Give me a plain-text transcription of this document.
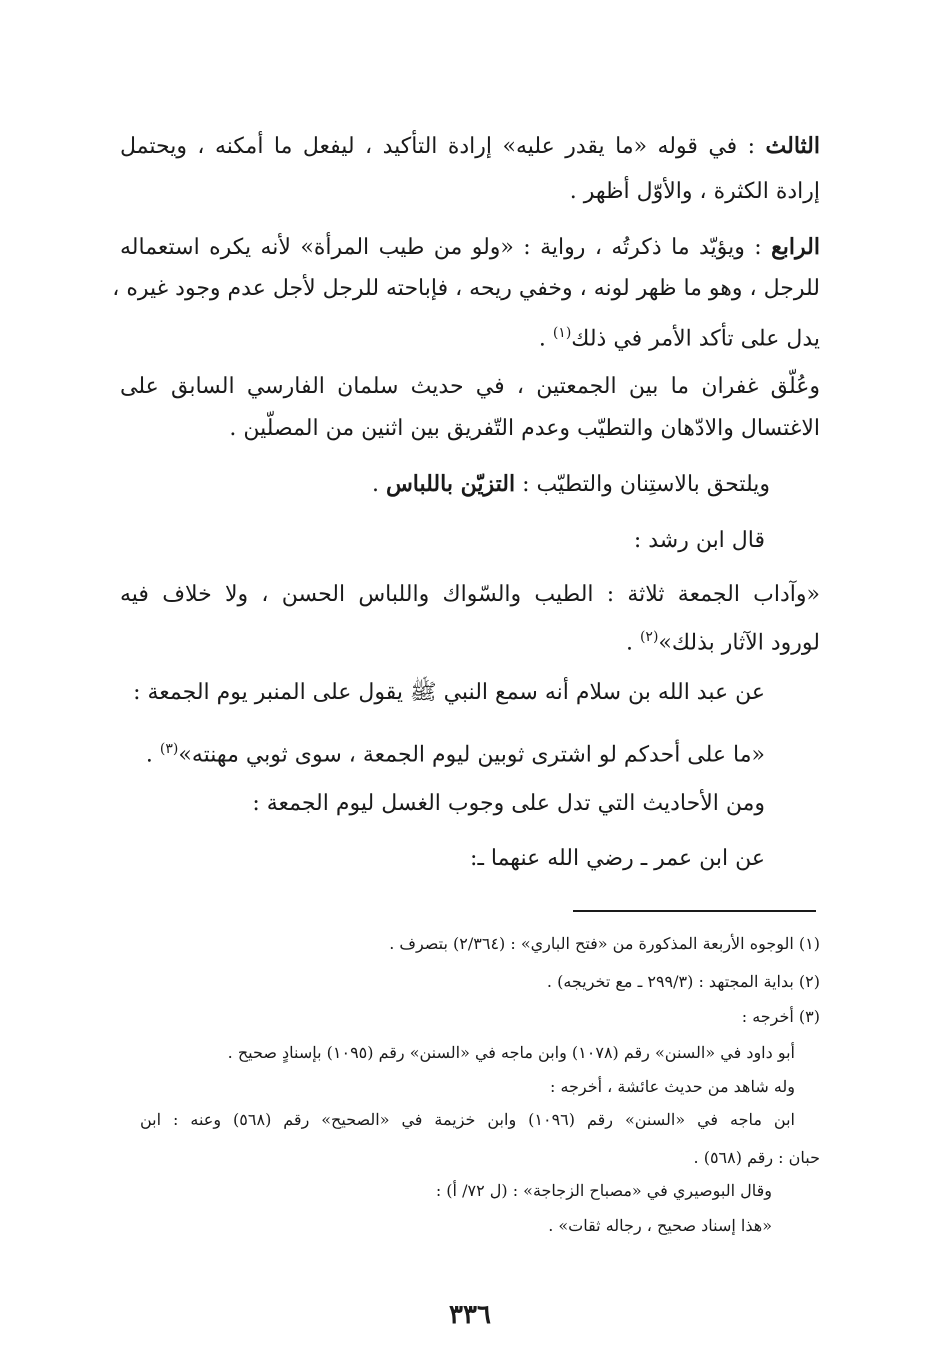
الثالث : في قوله «ما يقدر عليه» إرادة التأكيد ، ليفعل ما أمكنه ، ويحتمل
إرادة الكثرة ، والأوّل أظهر .
الرابع : ويؤيّد ما ذكرتُه ، رواية : «ولو من طيب المرأة» لأنه يكره استعماله
للرجل ، وهو ما ظهر لونه ، وخفي ريحه ، فإباحته للرجل لأجل عدم وجود غيره ،
يدل على تأكد الأمر في ذلك$^{(١)}$ .
وعُلّق غفران ما بين الجمعتين ، في حديث سلمان الفارسي السابق على
الاغتسال والادّهان والتطيّب وعدم التّفريق بين اثنين من المصلّين .
ويلتحق بالاستِنان والتطيّب : التزيّن باللباس .
قال ابن رشد :
«وآداب الجمعة ثلاثة : الطيب والسّواك واللباس الحسن ، ولا خلاف فيه
لورود الآثار بذلك»$^{(٢)}$ .
عن عبد الله بن سلام أنه سمع النبي ﷺ يقول على المنبر يوم الجمعة :
«ما على أحدكم لو اشترى ثوبين ليوم الجمعة ، سوى ثوبي مهنته»$^{(٣)}$ .
ومن الأحاديث التي تدل على وجوب الغسل ليوم الجمعة :
عن ابن عمر ـ رضي الله عنهما ـ:
(١) الوجوه الأربعة المذكورة من «فتح الباري» : (٢/٣٦٤) بتصرف .
(٢) بداية المجتهد : (٢٩٩/٣ ـ مع تخريجه) .
(٣) أخرجه :
أبو داود في «السنن» رقم (١٠٧٨) وابن ماجه في «السنن» رقم (١٠٩٥) بإسنادٍ صحيح .
وله شاهد من حديث عائشة ، أخرجه :
ابن ماجه في «السنن» رقم (١٠٩٦) وابن خزيمة في «الصحيح» رقم (٥٦٨) وعنه : ابن
حبان : رقم (٥٦٨) .
وقال البوصيري في «مصباح الزجاجة» : (ل ٧٢/ أ) :
«هذا إسناد صحيح ، رجاله ثقات» .
٣٣٦
